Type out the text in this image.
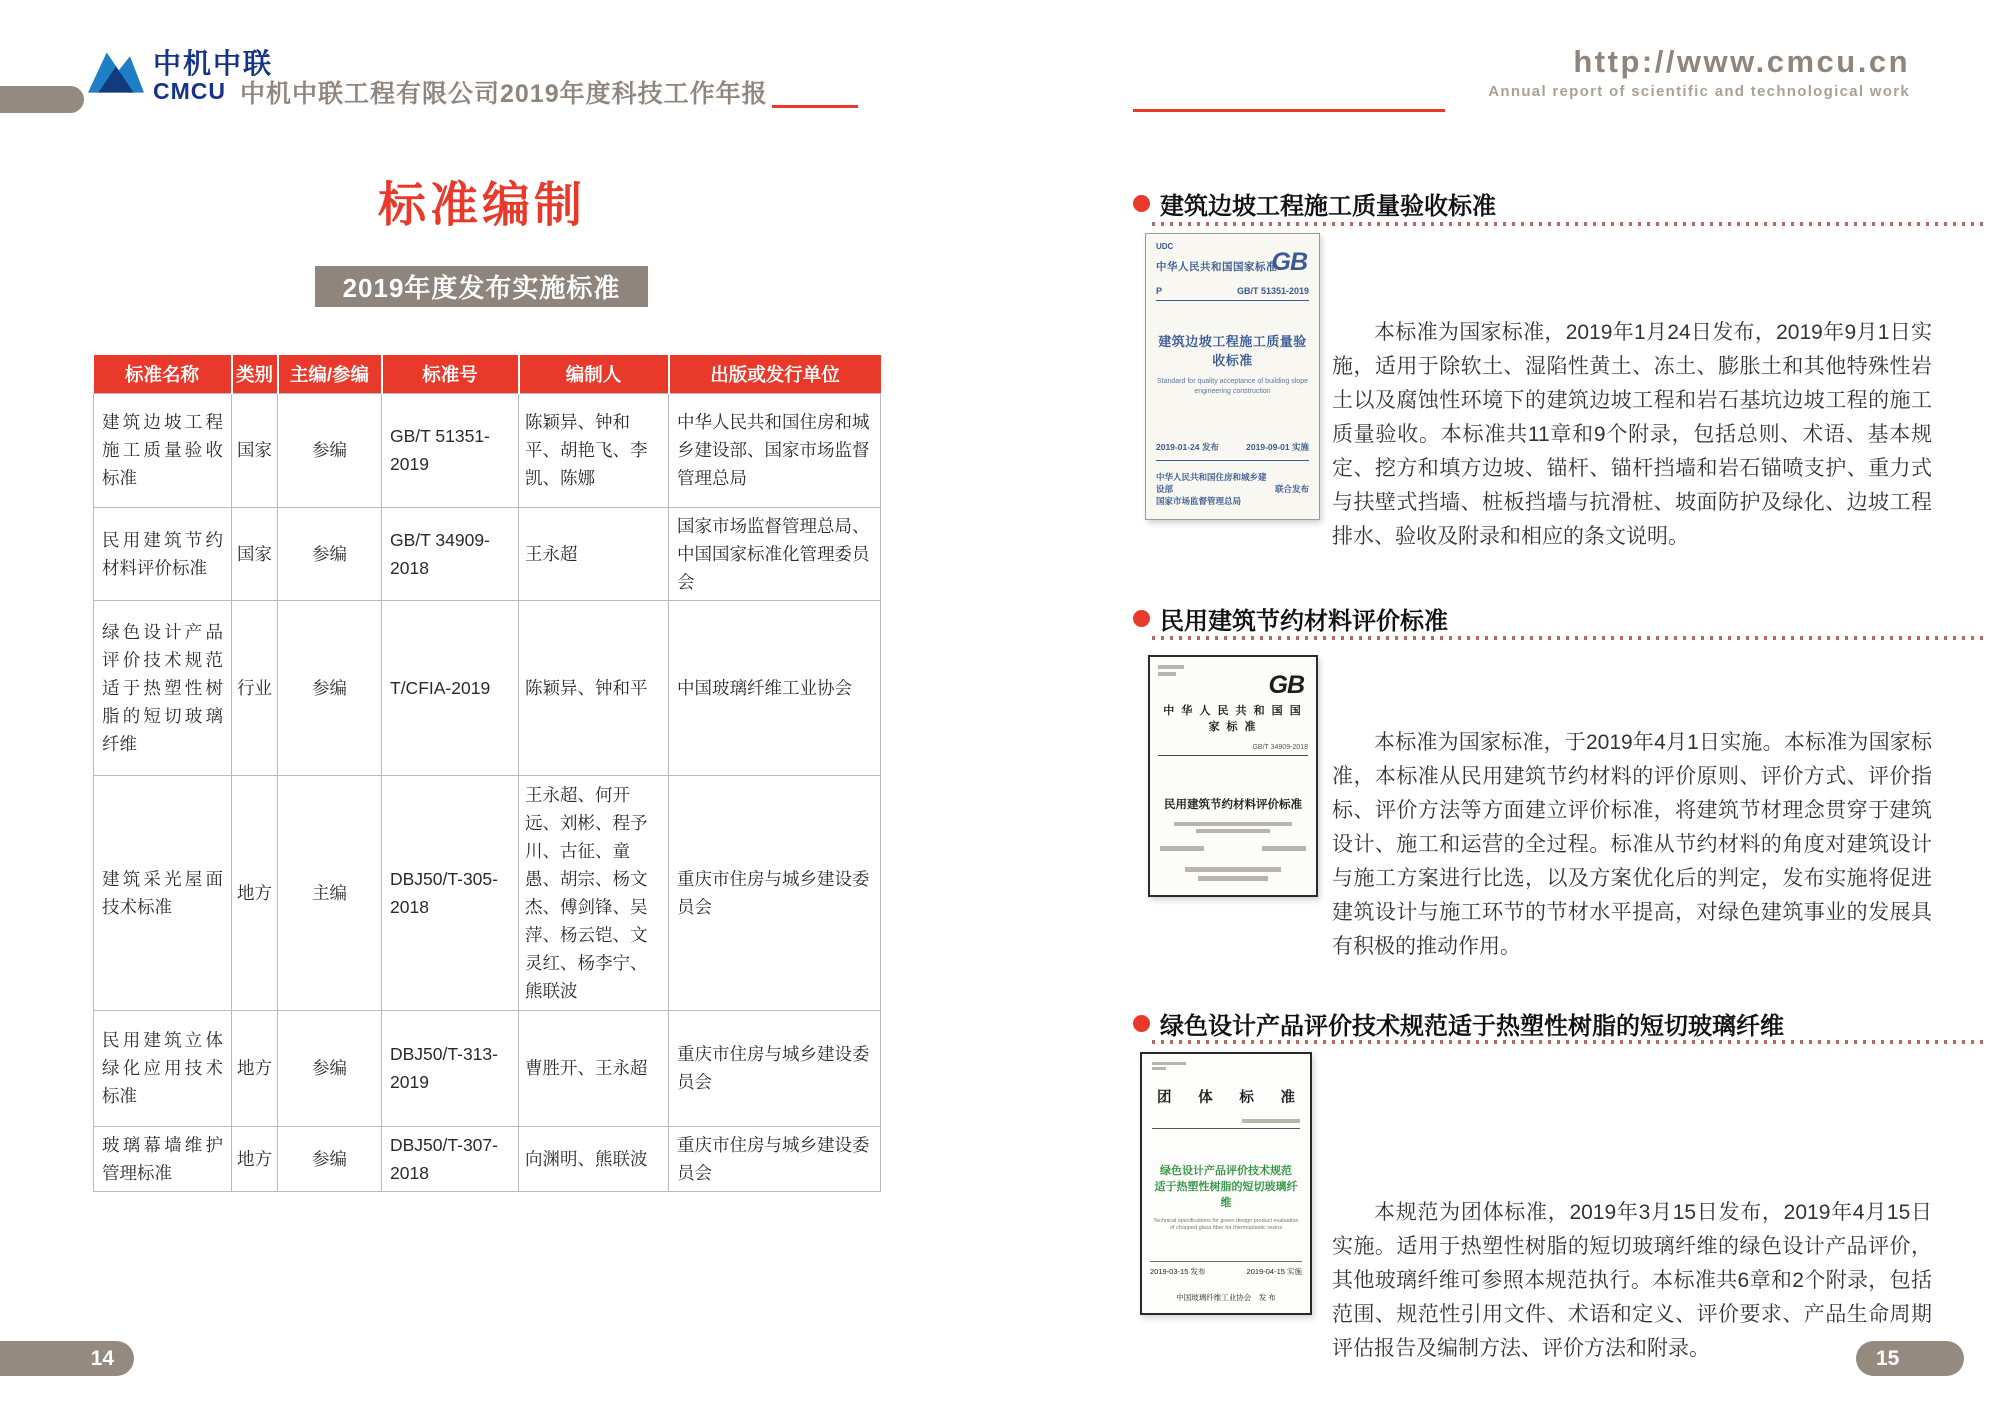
中机中联
CMCU 中机中联工程有限公司2019年度科技工作年报
http://www.cmcu.cn
Annual report of scientific and technological work
标准编制
2019年度发布实施标准
标准名称	类别	主编/参编	标准号	编制人	出版或发行单位
建筑边坡工程施工质量验收标准	国家	参编	GB/T 51351-2019	陈颖异、钟和平、胡艳飞、李凯、陈娜	中华人民共和国住房和城乡建设部、国家市场监督管理总局
民用建筑节约材料评价标准	国家	参编	GB/T 34909-2018	王永超	国家市场监督管理总局、中国国家标准化管理委员会
绿色设计产品评价技术规范适于热塑性树脂的短切玻璃纤维	行业	参编	T/CFIA-2019	陈颖异、钟和平	中国玻璃纤维工业协会
建筑采光屋面技术标准	地方	主编	DBJ50/T-305-2018	王永超、何开远、刘彬、程予川、古征、童愚、胡宗、杨文杰、傅剑锋、吴萍、杨云铠、文灵红、杨李宁、熊联波	重庆市住房与城乡建设委员会
民用建筑立体绿化应用技术标准	地方	参编	DBJ50/T-313-2019	曹胜开、王永超	重庆市住房与城乡建设委员会
玻璃幕墙维护管理标准	地方	参编	DBJ50/T-307-2018	向渊明、熊联波	重庆市住房与城乡建设委员会
建筑边坡工程施工质量验收标准
UDC
GB
中华人民共和国国家标准
P	GB/T 51351-2019
建筑边坡工程施工质量验收标准
Standard for quality acceptance of building slope engineering construction
2019-01-24 发布	2019-09-01 实施
中华人民共和国住房和城乡建设部
国家市场监督管理总局
联合发布
本标准为国家标准，2019年1月24日发布，2019年9月1日实施，适用于除软土、湿陷性黄土、冻土、膨胀土和其他特殊性岩土以及腐蚀性环境下的建筑边坡工程和岩石基坑边坡工程的施工质量验收。本标准共11章和9个附录，包括总则、术语、基本规定、挖方和填方边坡、锚杆、锚杆挡墙和岩石锚喷支护、重力式与扶壁式挡墙、桩板挡墙与抗滑桩、坡面防护及绿化、边坡工程排水、验收及附录和相应的条文说明。
民用建筑节约材料评价标准
GB
中 华 人 民 共 和 国 国 家 标 准
GB/T 34909-2018
民用建筑节约材料评价标准
本标准为国家标准，于2019年4月1日实施。本标准为国家标准，本标准从民用建筑节约材料的评价原则、评价方式、评价指标、评价方法等方面建立评价标准，将建筑节材理念贯穿于建筑设计、施工和运营的全过程。标准从节约材料的角度对建筑设计与施工方案进行比选，以及方案优化后的判定，发布实施将促进建筑设计与施工环节的节材水平提高，对绿色建筑事业的发展具有积极的推动作用。
绿色设计产品评价技术规范适于热塑性树脂的短切玻璃纤维
团 体 标 准
绿色设计产品评价技术规范
适于热塑性树脂的短切玻璃纤维
Technical specifications for green design product evaluation of chopped glass fiber for thermoplastic resins
2019-03-15 发布	2019-04-15 实施
中国玻璃纤维工业协会　发 布
本规范为团体标准，2019年3月15日发布，2019年4月15日实施。适用于热塑性树脂的短切玻璃纤维的绿色设计产品评价，其他玻璃纤维可参照本规范执行。本标准共6章和2个附录，包括范围、规范性引用文件、术语和定义、评价要求、产品生命周期评估报告及编制方法、评价方法和附录。
14	15
